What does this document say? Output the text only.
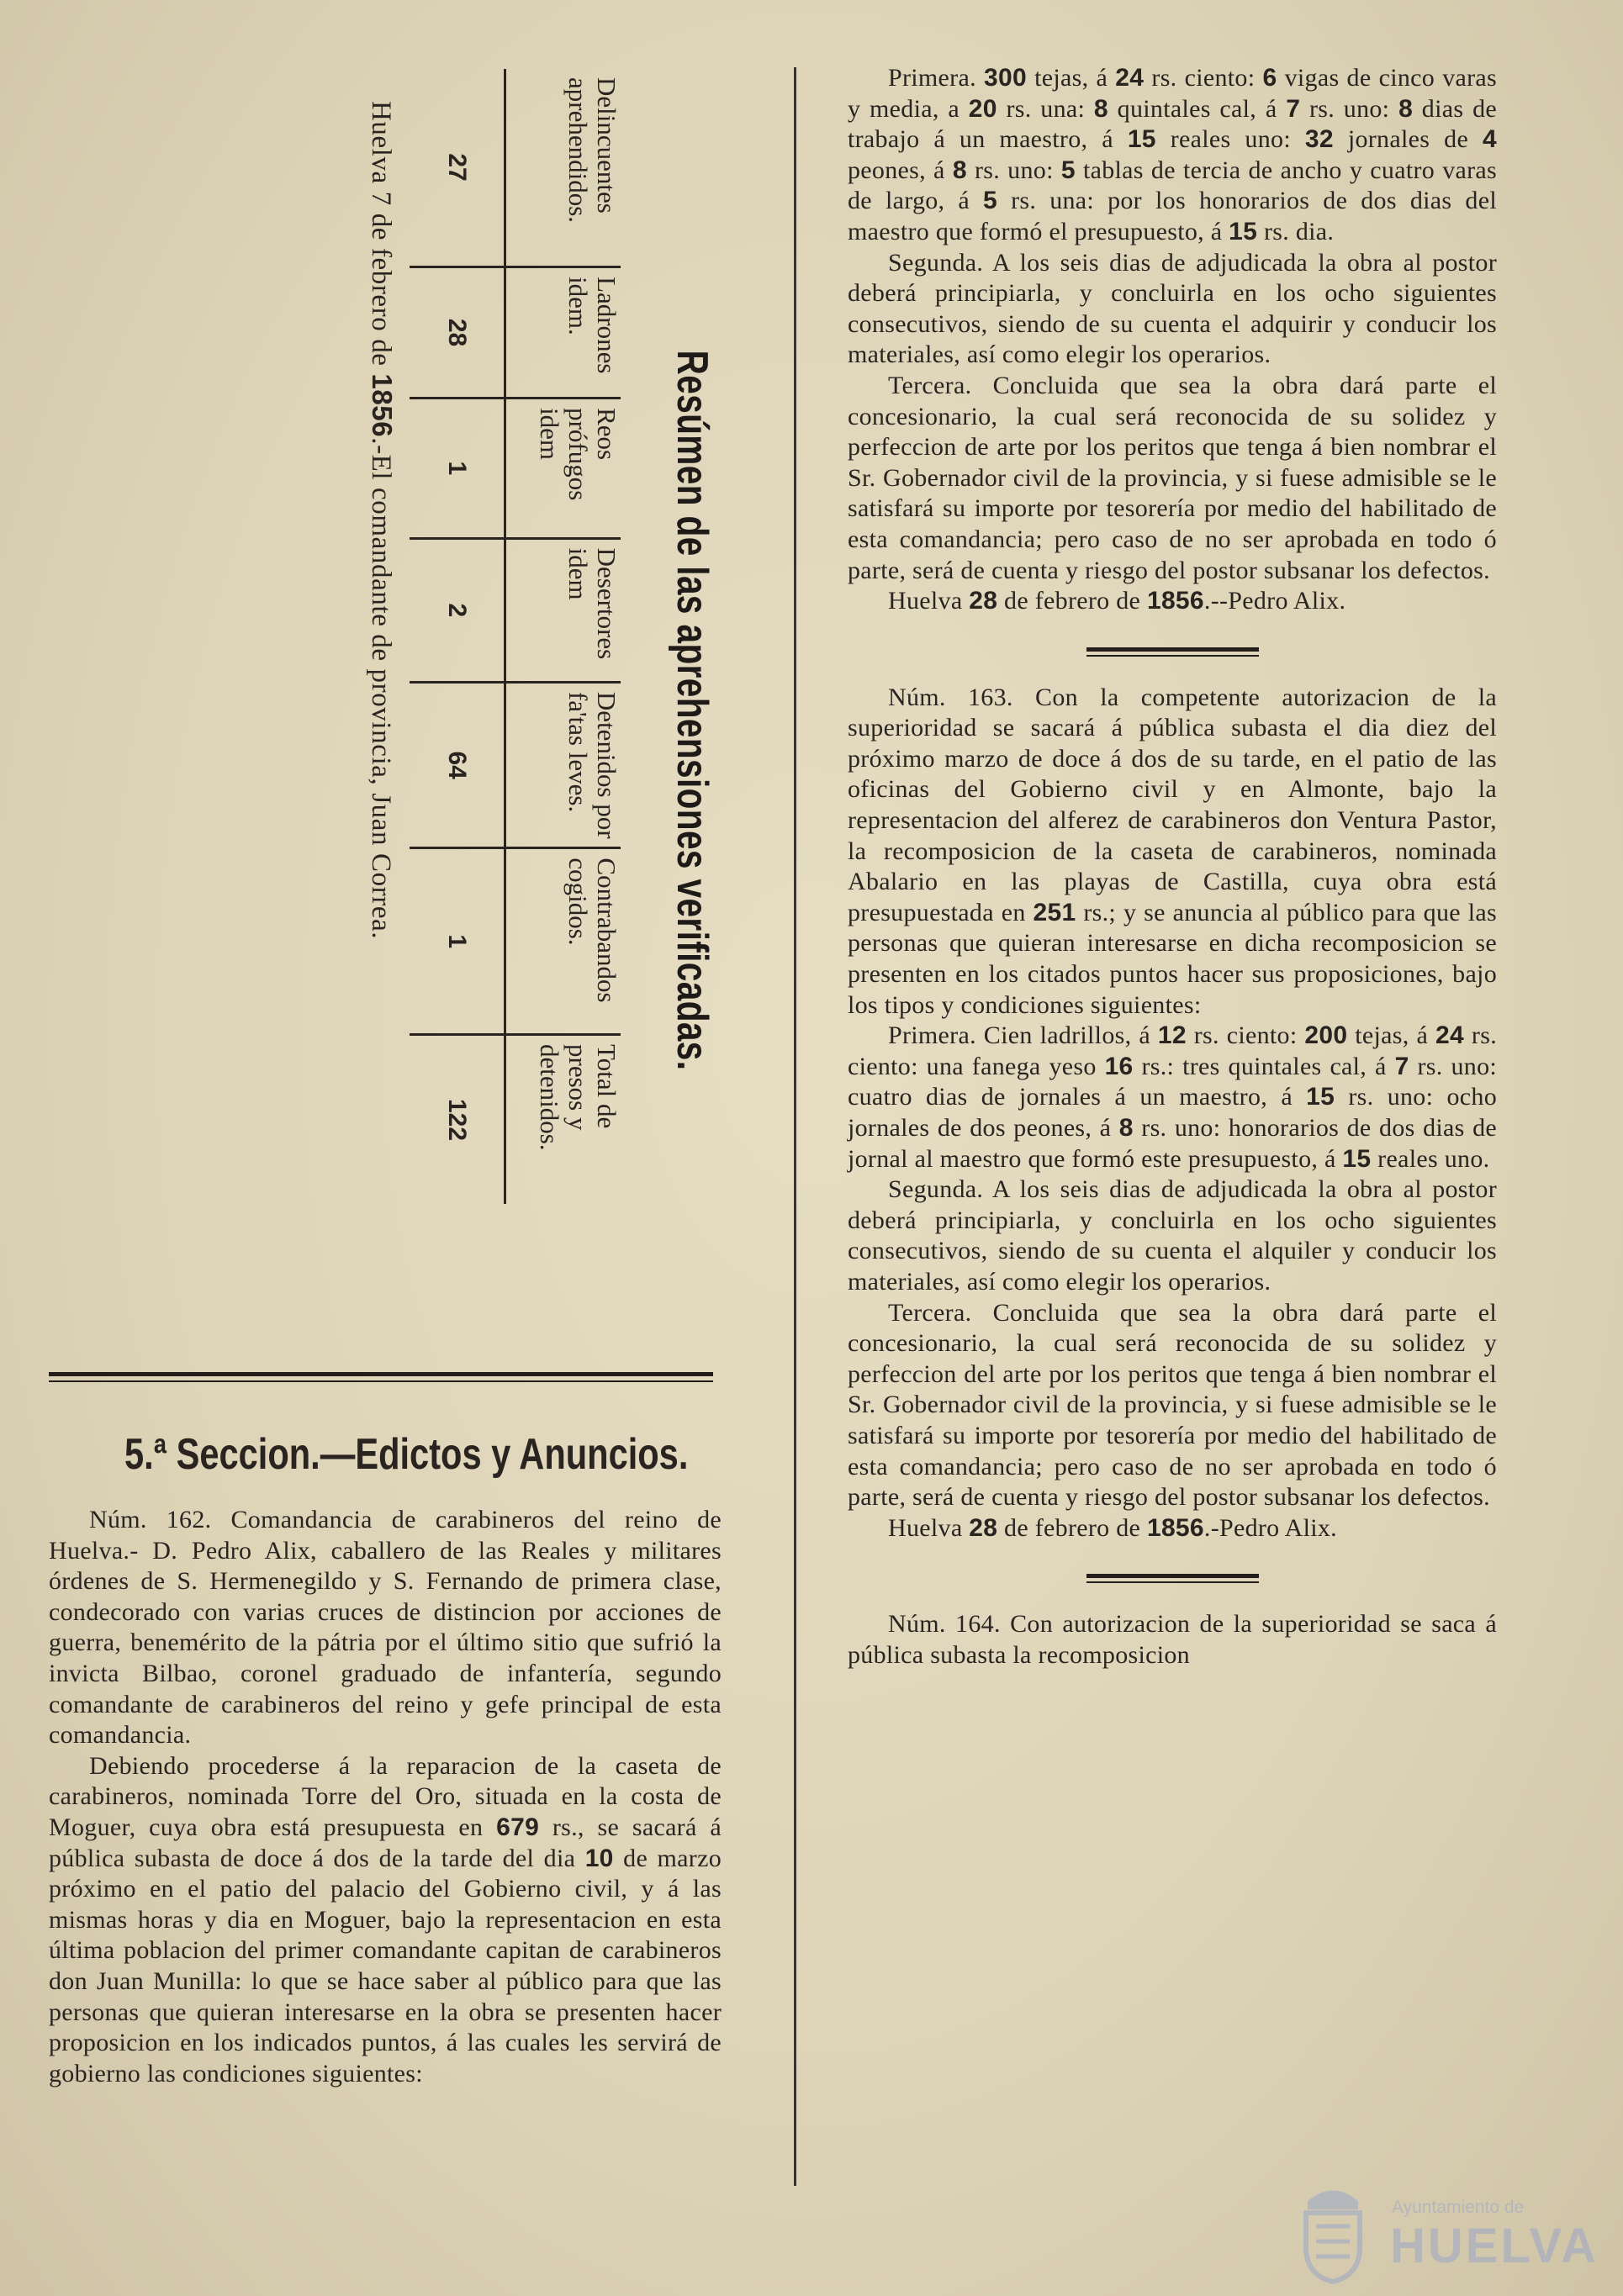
Resúmen de las aprehensiones verificadas.
Delincuentes aprehendidos.	Ladrones idem.	Reos prófugos idem	Desertores idem	Detenidos por fa'tas leves.	Contrabandos cogidos.	Total de presos y detenidos.
27	28	1	2	64	1	122
Huelva 7 de febrero de 1856.-El comandante de provincia, Juan Correa.
5.ª Seccion.—Edictos y Anuncios.

Núm. 162. Comandancia de carabineros del reino de Huelva.- D. Pedro Alix, caballero de las Reales y militares órdenes de S. Hermenegildo y S. Fernando de primera clase, condecorado con varias cruces de distincion por acciones de guerra, benemérito de la pátria por el último sitio que sufrió la invicta Bilbao, coronel graduado de infantería, segundo comandante de carabineros del reino y gefe principal de esta comandancia.

Debiendo procederse á la reparacion de la caseta de carabineros, nominada Torre del Oro, situada en la costa de Moguer, cuya obra está presupuesta en 679 rs., se sacará á pública subasta de doce á dos de la tarde del dia 10 de marzo próximo en el patio del palacio del Gobierno civil, y á las mismas horas y dia en Moguer, bajo la representacion en esta última poblacion del primer comandante capitan de carabineros don Juan Munilla: lo que se hace saber al público para que las personas que quieran interesarse en la obra se presenten hacer proposicion en los indicados puntos, á las cuales les servirá de gobierno las condiciones siguientes:

Primera. 300 tejas, á 24 rs. ciento: 6 vigas de cinco varas y media, a 20 rs. una: 8 quintales cal, á 7 rs. uno: 8 dias de trabajo á un maestro, á 15 reales uno: 32 jornales de 4 peones, á 8 rs. uno: 5 tablas de tercia de ancho y cuatro varas de largo, á 5 rs. una: por los honorarios de dos dias del maestro que formó el presupuesto, á 15 rs. dia.

Segunda. A los seis dias de adjudicada la obra al postor deberá principiarla, y concluirla en los ocho siguientes consecutivos, siendo de su cuenta el adquirir y conducir los materiales, así como elegir los operarios.

Tercera. Concluida que sea la obra dará parte el concesionario, la cual será reconocida de su solidez y perfeccion de arte por los peritos que tenga á bien nombrar el Sr. Gobernador civil de la provincia, y si fuese admisible se le satisfará su importe por tesorería por medio del habilitado de esta comandancia; pero caso de no ser aprobada en todo ó parte, será de cuenta y riesgo del postor subsanar los defectos.

Huelva 28 de febrero de 1856.--Pedro Alix.

Núm. 163. Con la competente autorizacion de la superioridad se sacará á pública subasta el dia diez del próximo marzo de doce á dos de su tarde, en el patio de las oficinas del Gobierno civil y en Almonte, bajo la representacion del alferez de carabineros don Ventura Pastor, la recomposicion de la caseta de carabineros, nominada Abalario en las playas de Castilla, cuya obra está presupuestada en 251 rs.; y se anuncia al público para que las personas que quieran interesarse en dicha recomposicion se presenten en los citados puntos hacer sus proposiciones, bajo los tipos y condiciones siguientes:

Primera. Cien ladrillos, á 12 rs. ciento: 200 tejas, á 24 rs. ciento: una fanega yeso 16 rs.: tres quintales cal, á 7 rs. uno: cuatro dias de jornales á un maestro, á 15 rs. uno: ocho jornales de dos peones, á 8 rs. uno: honorarios de dos dias de jornal al maestro que formó este presupuesto, á 15 reales uno.

Segunda. A los seis dias de adjudicada la obra al postor deberá principiarla, y concluirla en los ocho siguientes consecutivos, siendo de su cuenta el alquiler y conducir los materiales, así como elegir los operarios.

Tercera. Concluida que sea la obra dará parte el concesionario, la cual será reconocida de su solidez y perfeccion del arte por los peritos que tenga á bien nombrar el Sr. Gobernador civil de la provincia, y si fuese admisible se le satisfará su importe por tesorería por medio del habilitado de esta comandancia; pero caso de no ser aprobada en todo ó parte, será de cuenta y riesgo del postor subsanar los defectos.

Huelva 28 de febrero de 1856.-Pedro Alix.

Núm. 164. Con autorizacion de la superioridad se saca á pública subasta la recomposicion

Ayuntamiento de
HUELVA
